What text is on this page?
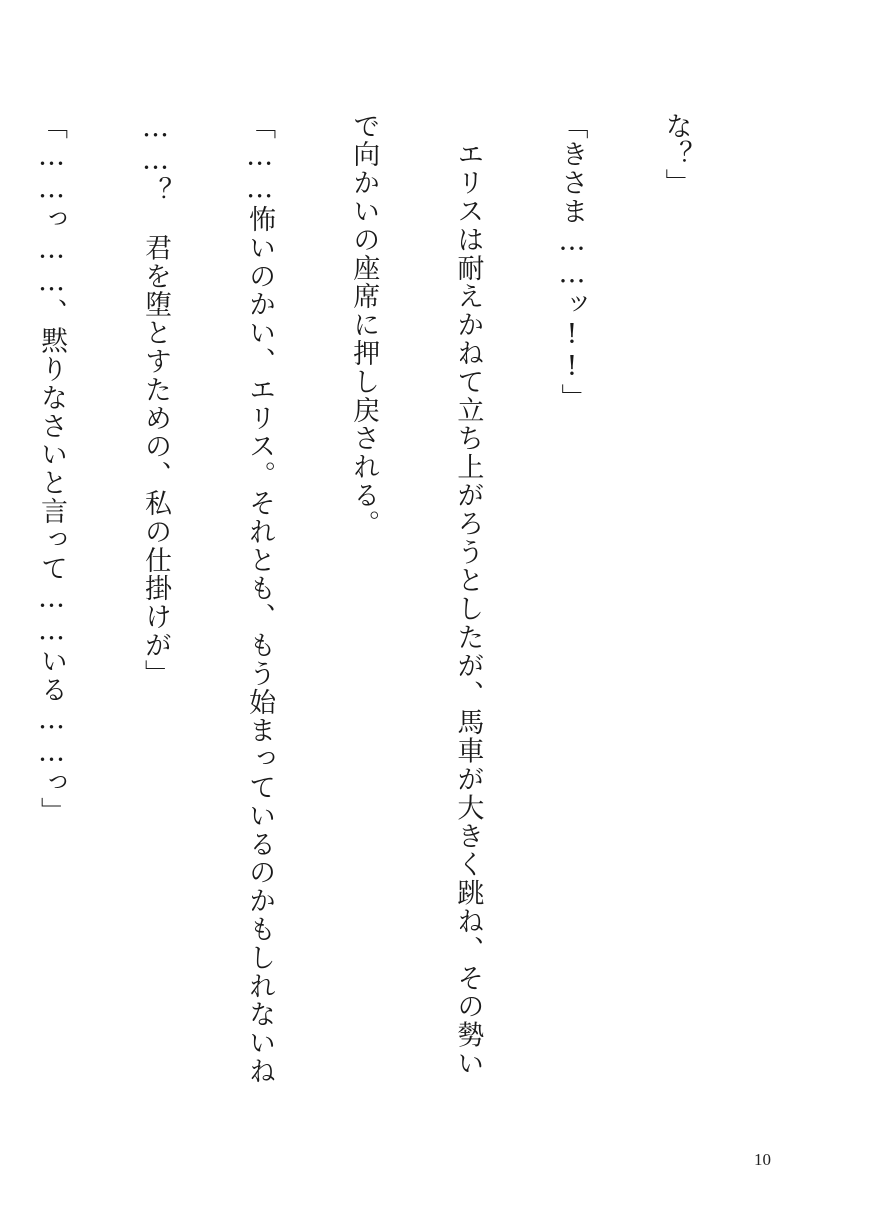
な？」

「きさま……ッ!!」

　エリスは耐えかねて立ち上がろうとしたが、馬車が大きく跳ね、その勢い

で向かいの座席に押し戻される。

「……怖いのかい、エリス。それとも、もう始まっているのかもしれないね

……？　君を堕とすための、私の仕掛けが」

「……っ……、黙りなさいと言って……いる……っ」

10
